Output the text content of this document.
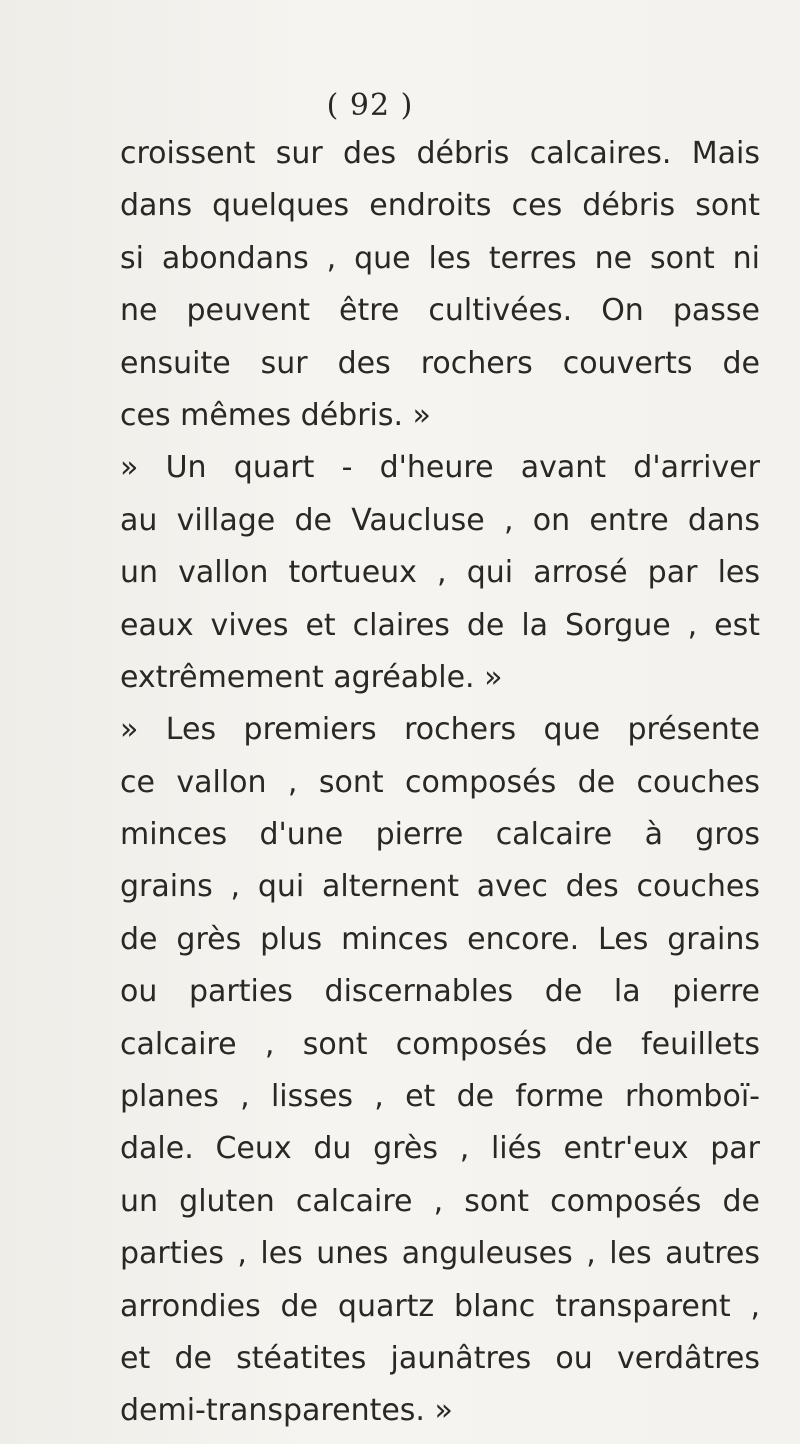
( 92 )
croissent sur des débris calcaires. Mais
dans quelques endroits ces débris sont
si abondans , que les terres ne sont ni
ne peuvent être cultivées. On passe
ensuite sur des rochers couverts de
ces mêmes débris. »
» Un quart - d'heure avant d'arriver
au village de Vaucluse , on entre dans
un vallon tortueux , qui arrosé par les
eaux vives et claires de la Sorgue , est
extrêmement agréable. »
» Les premiers rochers que présente
ce vallon , sont composés de couches
minces d'une pierre calcaire à gros
grains , qui alternent avec des couches
de grès plus minces encore. Les grains
ou parties discernables de la pierre
calcaire , sont composés de feuillets
planes , lisses , et de forme rhomboï-
dale. Ceux du grès , liés entr'eux par
un gluten calcaire , sont composés de
parties , les unes anguleuses , les autres
arrondies de quartz blanc transparent ,
et de stéatites jaunâtres ou verdâtres
demi-transparentes. »
